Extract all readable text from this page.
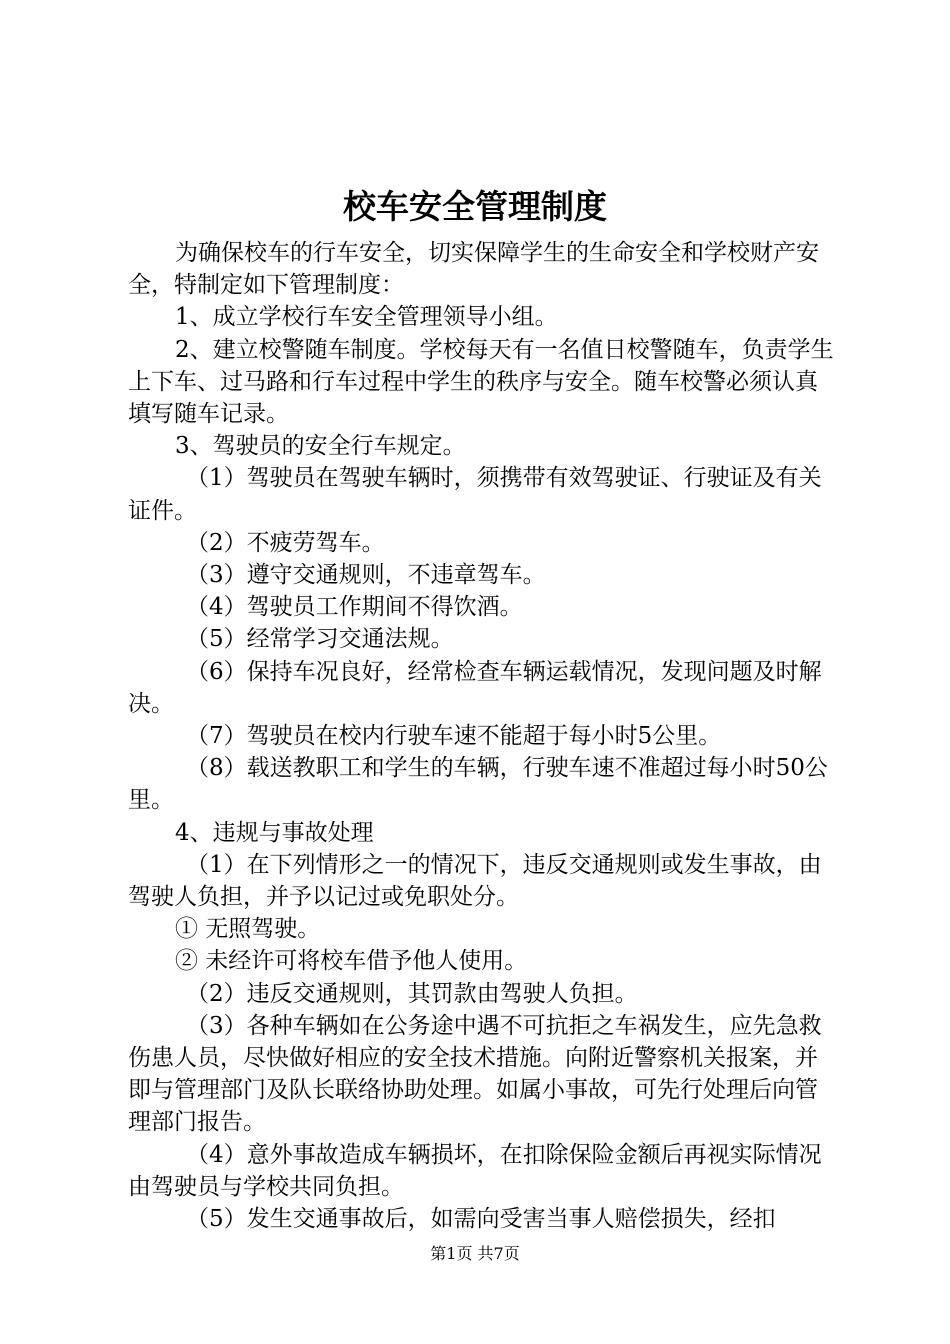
校车安全管理制度

为确保校车的行车安全，切实保障学生的生命安全和学校财产安全，特制定如下管理制度：

1、成立学校行车安全管理领导小组。

2、建立校警随车制度。学校每天有一名值日校警随车，负责学生上下车、过马路和行车过程中学生的秩序与安全。随车校警必须认真填写随车记录。

3、驾驶员的安全行车规定。

（1）驾驶员在驾驶车辆时，须携带有效驾驶证、行驶证及有关证件。

（2）不疲劳驾车。

（3）遵守交通规则，不违章驾车。

（4）驾驶员工作期间不得饮酒。

（5）经常学习交通法规。

（6）保持车况良好，经常检查车辆运载情况，发现问题及时解决。

（7）驾驶员在校内行驶车速不能超于每小时5公里。

（8）载送教职工和学生的车辆，行驶车速不准超过每小时50公里。

4、违规与事故处理

（1）在下列情形之一的情况下，违反交通规则或发生事故，由驾驶人负担，并予以记过或免职处分。

① 无照驾驶。

② 未经许可将校车借予他人使用。

（2）违反交通规则，其罚款由驾驶人负担。

（3）各种车辆如在公务途中遇不可抗拒之车祸发生，应先急救伤患人员，尽快做好相应的安全技术措施。向附近警察机关报案，并即与管理部门及队长联络协助处理。如属小事故，可先行处理后向管理部门报告。

（4）意外事故造成车辆损坏，在扣除保险金额后再视实际情况由驾驶员与学校共同负担。

（5）发生交通事故后，如需向受害当事人赔偿损失，经扣

第1页 共7页
